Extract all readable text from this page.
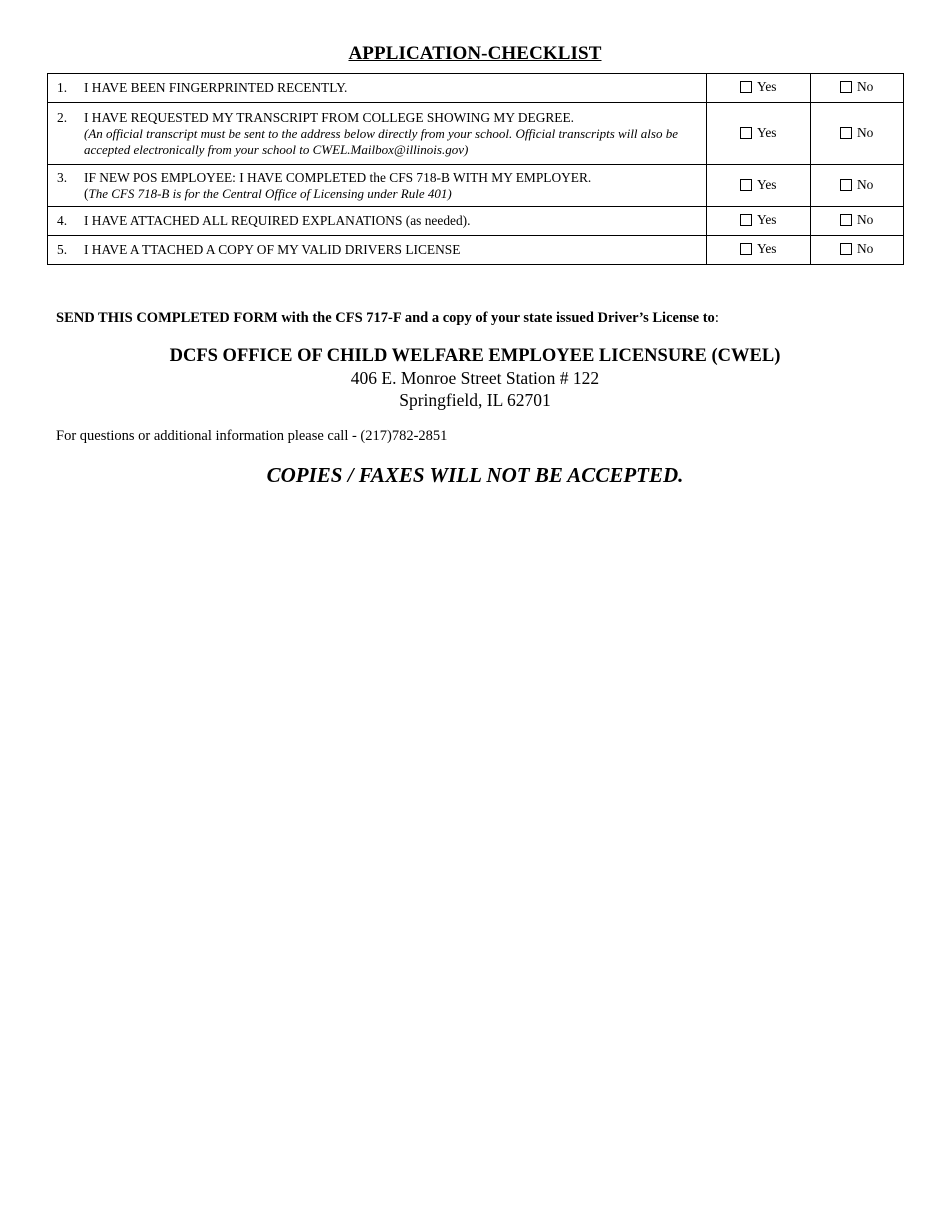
APPLICATION-CHECKLIST
1. I HAVE BEEN FINGERPRINTED RECENTLY.	Yes	No

2. I HAVE REQUESTED MY TRANSCRIPT FROM COLLEGE SHOWING MY DEGREE.
(An official transcript must be sent to the address below directly from your school. Official transcripts will also be accepted electronically from your school to CWEL.Mailbox@illinois.gov)	Yes	No

3. IF NEW POS EMPLOYEE: I HAVE COMPLETED the CFS 718-B WITH MY EMPLOYER.
(The CFS 718-B is for the Central Office of Licensing under Rule 401)	Yes	No

4. I HAVE ATTACHED ALL REQUIRED EXPLANATIONS (as needed).	Yes	No

5. I HAVE A TTACHED A COPY OF MY VALID DRIVERS LICENSE	Yes	No
SEND THIS COMPLETED FORM with the CFS 717-F and a copy of your state issued Driver’s License to:
DCFS OFFICE OF CHILD WELFARE EMPLOYEE LICENSURE (CWEL)
406 E. Monroe Street Station # 122
Springfield, IL 62701
For questions or additional information please call - (217)782-2851
COPIES / FAXES WILL NOT BE ACCEPTED.
